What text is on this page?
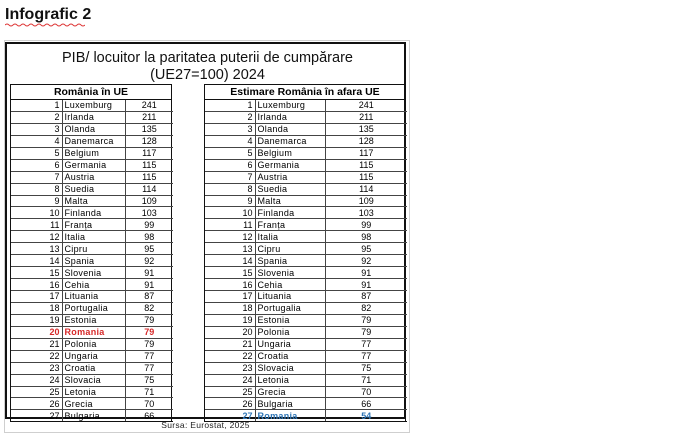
Infografic 2
PIB/ locuitor la paritatea puterii de cumpărare
(UE27=100) 2024
România în UE
1	Luxemburg	241
2	Irlanda	211
3	Olanda	135
4	Danemarca	128
5	Belgium	117
6	Germania	115
7	Austria	115
8	Suedia	114
9	Malta	109
10	Finlanda	103
11	Franța	99
12	Italia	98
13	Cipru	95
14	Spania	92
15	Slovenia	91
16	Cehia	91
17	Lituania	87
18	Portugalia	82
19	Estonia	79
20	Romania	79
21	Polonia	79
22	Ungaria	77
23	Croatia	77
24	Slovacia	75
25	Letonia	71
26	Grecia	70
27	Bulgaria	66
Estimare România în afara UE
1	Luxemburg	241
2	Irlanda	211
3	Olanda	135
4	Danemarca	128
5	Belgium	117
6	Germania	115
7	Austria	115
8	Suedia	114
9	Malta	109
10	Finlanda	103
11	Franța	99
12	Italia	98
13	Cipru	95
14	Spania	92
15	Slovenia	91
16	Cehia	91
17	Lituania	87
18	Portugalia	82
19	Estonia	79
20	Polonia	79
21	Ungaria	77
22	Croatia	77
23	Slovacia	75
24	Letonia	71
25	Grecia	70
26	Bulgaria	66
27	Romania	54
Sursa: Eurostat, 2025
